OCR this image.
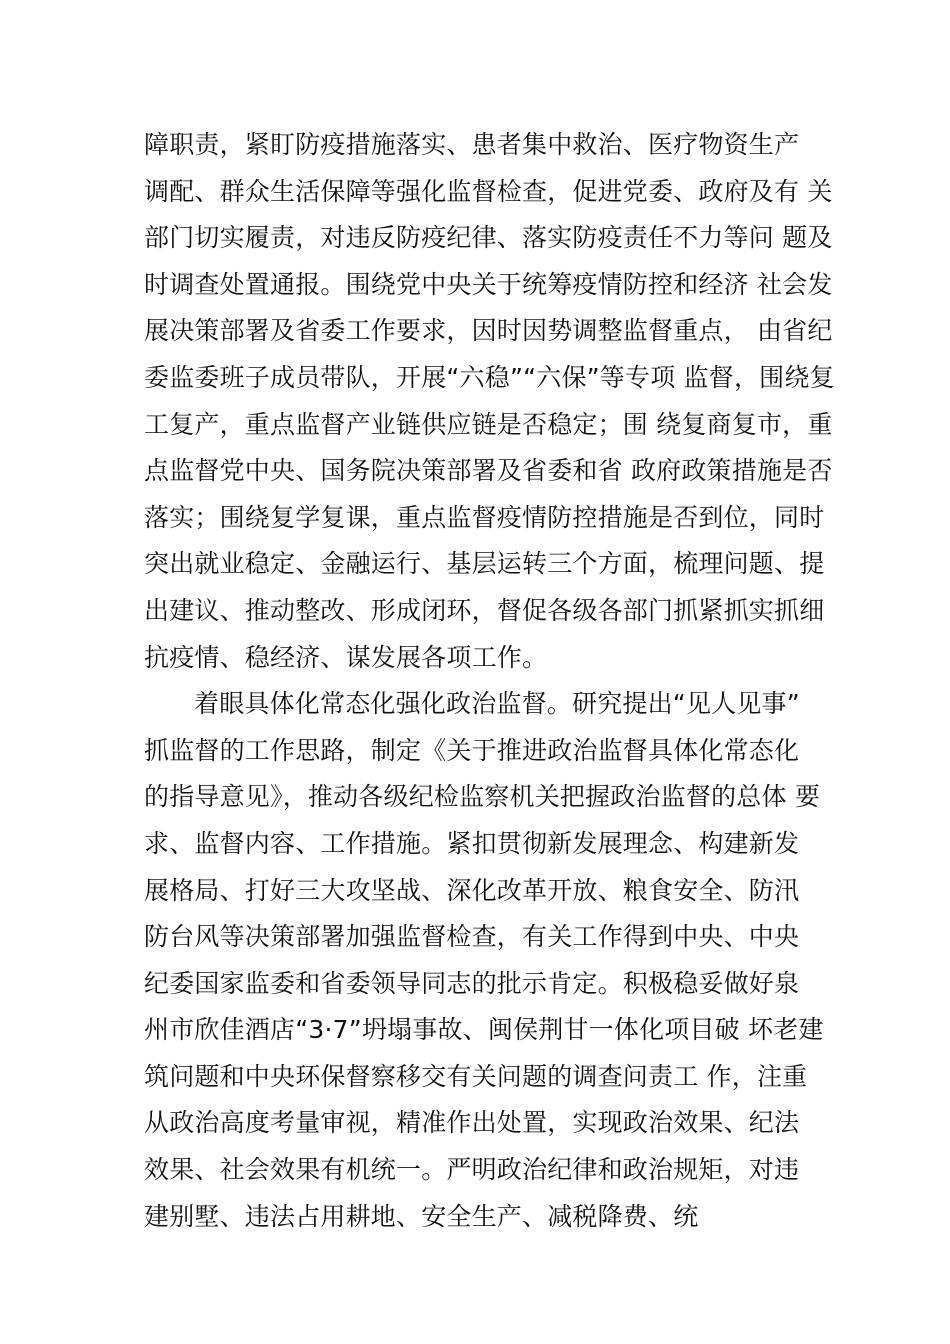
障职责，紧盯防疫措施落实、患者集中救治、医疗物资生产
调配、群众生活保障等强化监督检查，促进党委、政府及有 关
部门切实履责，对违反防疫纪律、落实防疫责任不力等问 题及
时调查处置通报。围绕党中央关于统筹疫情防控和经济 社会发
展决策部署及省委工作要求，因时因势调整监督重点， 由省纪
委监委班子成员带队，开展“六稳”“六保”等专项 监督，围绕复
工复产，重点监督产业链供应链是否稳定；围 绕复商复市，重
点监督党中央、国务院决策部署及省委和省 政府政策措施是否
落实；围绕复学复课，重点监督疫情防控措施是否到位，同时
突出就业稳定、金融运行、基层运转三个方面，梳理问题、提
出建议、推动整改、形成闭环，督促各级各部门抓紧抓实抓细
抗疫情、稳经济、谋发展各项工作。
着眼具体化常态化强化政治监督。研究提出“见人见事”
抓监督的工作思路，制定《关于推进政治监督具体化常态化
的指导意见》，推动各级纪检监察机关把握政治监督的总体 要
求、监督内容、工作措施。紧扣贯彻新发展理念、构建新发
展格局、打好三大攻坚战、深化改革开放、粮食安全、防汛
防台风等决策部署加强监督检查，有关工作得到中央、中央
纪委国家监委和省委领导同志的批示肯定。积极稳妥做好泉
州市欣佳酒店“3·7”坍塌事故、闽侯荆甘一体化项目破 坏老建
筑问题和中央环保督察移交有关问题的调查问责工 作，注重
从政治高度考量审视，精准作出处置，实现政治效果、纪法
效果、社会效果有机统一。严明政治纪律和政治规矩，对违
建别墅、违法占用耕地、安全生产、减税降费、统
